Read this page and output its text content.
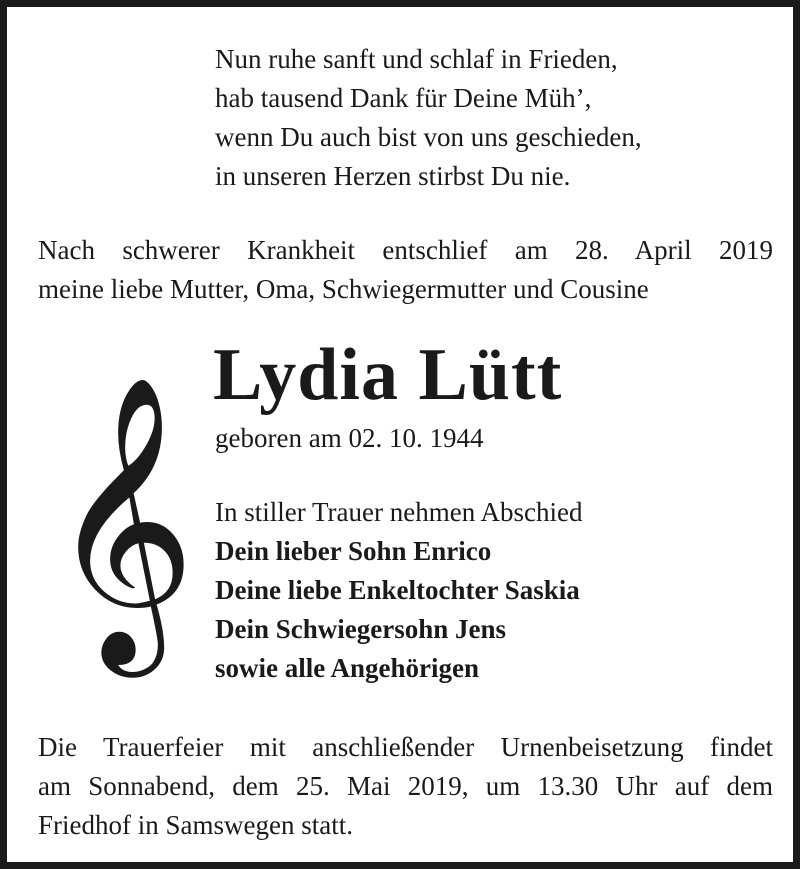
Nun ruhe sanft und schlaf in Frieden,
hab tausend Dank für Deine Müh’,
wenn Du auch bist von uns geschieden,
in unseren Herzen stirbst Du nie.
Nach schwerer Krankheit entschlief am 28. April 2019
meine liebe Mutter, Oma, Schwiegermutter und Cousine
Lydia Lütt
geboren am 02. 10. 1944
𝄞 In stiller Trauer nehmen Abschied
Dein lieber Sohn Enrico
Deine liebe Enkeltochter Saskia
Dein Schwiegersohn Jens
sowie alle Angehörigen
Die Trauerfeier mit anschließender Urnenbeisetzung findet
am Sonnabend, dem 25. Mai 2019, um 13.30 Uhr auf dem
Friedhof in Samswegen statt.
